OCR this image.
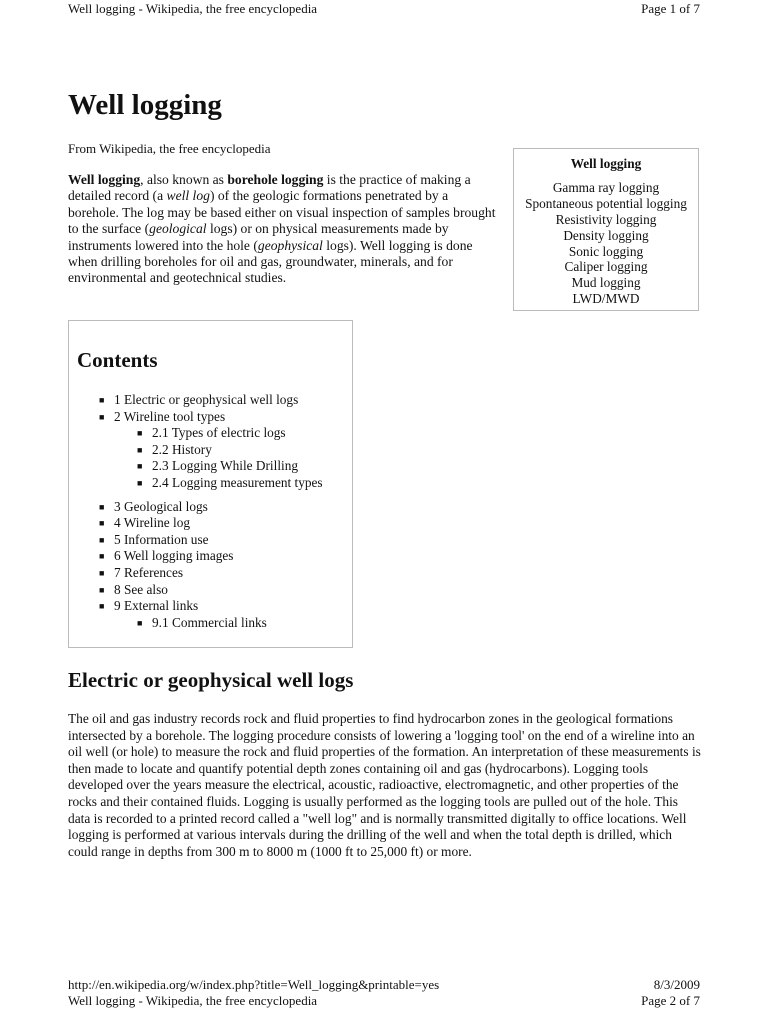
Well logging - Wikipedia, the free encyclopedia	Page 1 of 7
Well logging
From Wikipedia, the free encyclopedia

Well logging, also known as borehole logging is the practice of making a detailed record (a well log) of the geologic formations penetrated by a borehole. The log may be based either on visual inspection of samples brought to the surface (geological logs) or on physical measurements made by instruments lowered into the hole (geophysical logs). Well logging is done when drilling boreholes for oil and gas, groundwater, minerals, and for environmental and geotechnical studies.

Well logging
Gamma ray logging
Spontaneous potential logging
Resistivity logging
Density logging
Sonic logging
Caliper logging
Mud logging
LWD/MWD
Contents
■ 1 Electric or geophysical well logs
■ 2 Wireline tool types
■ 2.1 Types of electric logs
■ 2.2 History
■ 2.3 Logging While Drilling
■ 2.4 Logging measurement types
■ 3 Geological logs
■ 4 Wireline log
■ 5 Information use
■ 6 Well logging images
■ 7 References
■ 8 See also
■ 9 External links
■ 9.1 Commercial links
Electric or geophysical well logs

The oil and gas industry records rock and fluid properties to find hydrocarbon zones in the geological formations intersected by a borehole. The logging procedure consists of lowering a 'logging tool' on the end of a wireline into an oil well (or hole) to measure the rock and fluid properties of the formation. An interpretation of these measurements is then made to locate and quantify potential depth zones containing oil and gas (hydrocarbons). Logging tools developed over the years measure the electrical, acoustic, radioactive, electromagnetic, and other properties of the rocks and their contained fluids. Logging is usually performed as the logging tools are pulled out of the hole. This data is recorded to a printed record called a "well log" and is normally transmitted digitally to office locations. Well logging is performed at various intervals during the drilling of the well and when the total depth is drilled, which could range in depths from 300 m to 8000 m (1000 ft to 25,000 ft) or more.

http://en.wikipedia.org/w/index.php?title=Well_logging&printable=yes	8/3/2009
Well logging - Wikipedia, the free encyclopedia	Page 2 of 7
